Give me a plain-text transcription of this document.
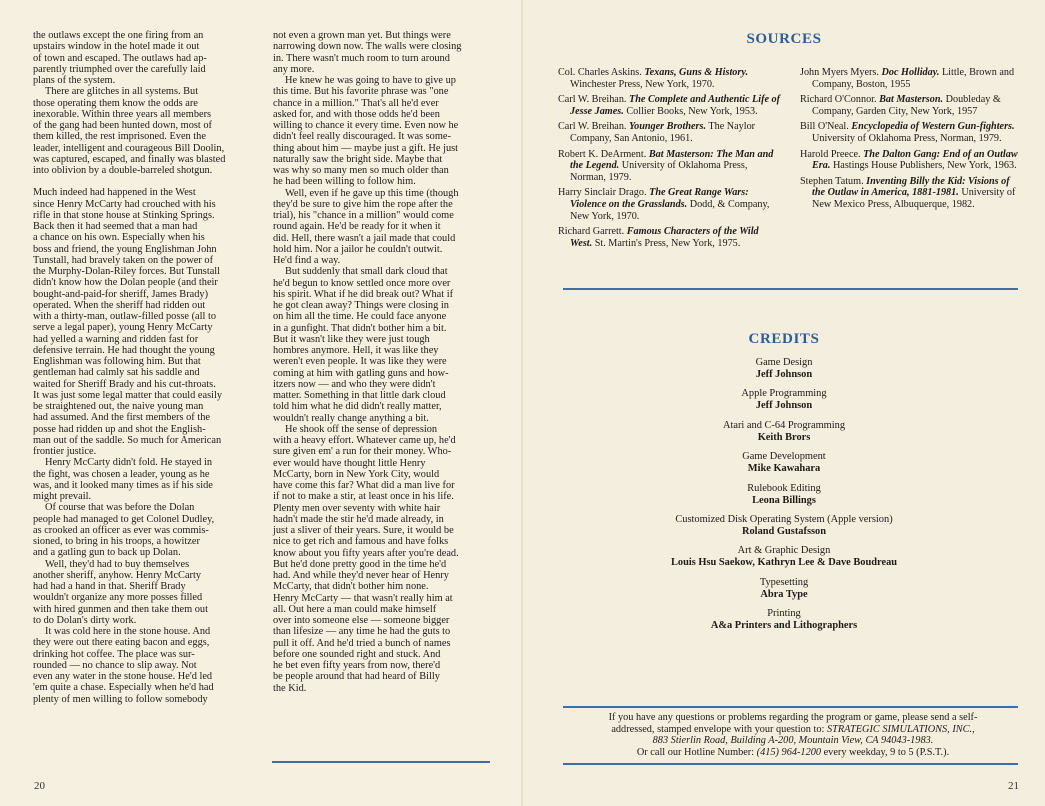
the outlaws except the one firing from an
upstairs window in the hotel made it out
of town and escaped. The outlaws had ap-
parently triumphed over the carefully laid
plans of the system.

There are glitches in all systems. But
those operating them know the odds are
inexorable. Within three years all members
of the gang had been hunted down, most of
them killed, the rest imprisoned. Even the
leader, intelligent and courageous Bill Doolin,
was captured, escaped, and finally was blasted
into oblivion by a double-barreled shotgun.

Much indeed had happened in the West
since Henry McCarty had crouched with his
rifle in that stone house at Stinking Springs.
Back then it had seemed that a man had
a chance on his own. Especially when his
boss and friend, the young Englishman John
Tunstall, had bravely taken on the power of
the Murphy-Dolan-Riley forces. But Tunstall
didn't know how the Dolan people (and their
bought-and-paid-for sheriff, James Brady)
operated. When the sheriff had ridden out
with a thirty-man, outlaw-filled posse (all to
serve a legal paper), young Henry McCarty
had yelled a warning and ridden fast for
defensive terrain. He had thought the young
Englishman was following him. But that
gentleman had calmly sat his saddle and
waited for Sheriff Brady and his cut-throats.
It was just some legal matter that could easily
be straightened out, the naive young man
had assumed. And the first members of the
posse had ridden up and shot the English-
man out of the saddle. So much for American
frontier justice.

Henry McCarty didn't fold. He stayed in
the fight, was chosen a leader, young as he
was, and it looked many times as if his side
might prevail.

Of course that was before the Dolan
people had managed to get Colonel Dudley,
as crooked an officer as ever was commis-
sioned, to bring in his troops, a howitzer
and a gatling gun to back up Dolan.

Well, they'd had to buy themselves
another sheriff, anyhow. Henry McCarty
had had a hand in that. Sheriff Brady
wouldn't organize any more posses filled
with hired gunmen and then take them out
to do Dolan's dirty work.

It was cold here in the stone house. And
they were out there eating bacon and eggs,
drinking hot coffee. The place was sur-
rounded — no chance to slip away. Not
even any water in the stone house. He'd led
'em quite a chase. Especially when he'd had
plenty of men willing to follow somebody

not even a grown man yet. But things were
narrowing down now. The walls were closing
in. There wasn't much room to turn around
any more.

He knew he was going to have to give up
this time. But his favorite phrase was "one
chance in a million." That's all he'd ever
asked for, and with those odds he'd been
willing to chance it every time. Even now he
didn't feel really discouraged. It was some-
thing about him — maybe just a gift. He just
naturally saw the bright side. Maybe that
was why so many men so much older than
he had been willing to follow him.

Well, even if he gave up this time (though
they'd be sure to give him the rope after the
trial), his "chance in a million" would come
round again. He'd be ready for it when it
did. Hell, there wasn't a jail made that could
hold him. Nor a jailor he couldn't outwit.
He'd find a way.

But suddenly that small dark cloud that
he'd begun to know settled once more over
his spirit. What if he did break out? What if
he got clean away? Things were closing in
on him all the time. He could face anyone
in a gunfight. That didn't bother him a bit.
But it wasn't like they were just tough
hombres anymore. Hell, it was like they
weren't even people. It was like they were
coming at him with gatling guns and how-
itzers now — and who they were didn't
matter. Something in that little dark cloud
told him what he did didn't really matter,
wouldn't really change anything a bit.

He shook off the sense of depression
with a heavy effort. Whatever came up, he'd
sure given em' a run for their money. Who-
ever would have thought little Henry
McCarty, born in New York City, would
have come this far? What did a man live for
if not to make a stir, at least once in his life.
Plenty men over seventy with white hair
hadn't made the stir he'd made already, in
just a sliver of their years. Sure, it would be
nice to get rich and famous and have folks
know about you fifty years after you're dead.
But he'd done pretty good in the time he'd
had. And while they'd never hear of Henry
McCarty, that didn't bother him none.
Henry McCarty — that wasn't really him at
all. Out here a man could make himself
over into someone else — someone bigger
than lifesize — any time he had the guts to
pull it off. And he'd tried a bunch of names
before one sounded right and stuck. And
he bet even fifty years from now, there'd
be people around that had heard of Billy
the Kid.

20
SOURCES
Col. Charles Askins. Texans, Guns & History. Winchester Press, New York, 1970.
Carl W. Breihan. The Complete and Authentic Life of Jesse James. Collier Books, New York, 1953.
Carl W. Breihan. Younger Brothers. The Naylor Company, San Antonio, 1961.
Robert K. DeArment. Bat Masterson: The Man and the Legend. University of Oklahoma Press, Norman, 1979.
Harry Sinclair Drago. The Great Range Wars: Violence on the Grasslands. Dodd, & Company, New York, 1970.
Richard Garrett. Famous Characters of the Wild West. St. Martin's Press, New York, 1975.
John Myers Myers. Doc Holliday. Little, Brown and Company, Boston, 1955
Richard O'Connor. Bat Masterson. Doubleday & Company, Garden City, New York, 1957
Bill O'Neal. Encyclopedia of Western Gun-fighters. University of Oklahoma Press, Norman, 1979.
Harold Preece. The Dalton Gang: End of an Outlaw Era. Hastings House Publishers, New York, 1963.
Stephen Tatum. Inventing Billy the Kid: Visions of the Outlaw in America, 1881-1981. University of New Mexico Press, Albuquerque, 1982.
CREDITS
Game Design
Jeff Johnson
Apple Programming
Jeff Johnson
Atari and C-64 Programming
Keith Brors
Game Development
Mike Kawahara
Rulebook Editing
Leona Billings
Customized Disk Operating System (Apple version)
Roland Gustafsson
Art & Graphic Design
Louis Hsu Saekow, Kathryn Lee & Dave Boudreau
Typesetting
Abra Type
Printing
A&a Printers and Lithographers
If you have any questions or problems regarding the program or game, please send a self-
addressed, stamped envelope with your question to: STRATEGIC SIMULATIONS, INC.,
883 Stierlin Road, Building A-200, Mountain View, CA 94043-1983.
Or call our Hotline Number: (415) 964-1200 every weekday, 9 to 5 (P.S.T.).
21
